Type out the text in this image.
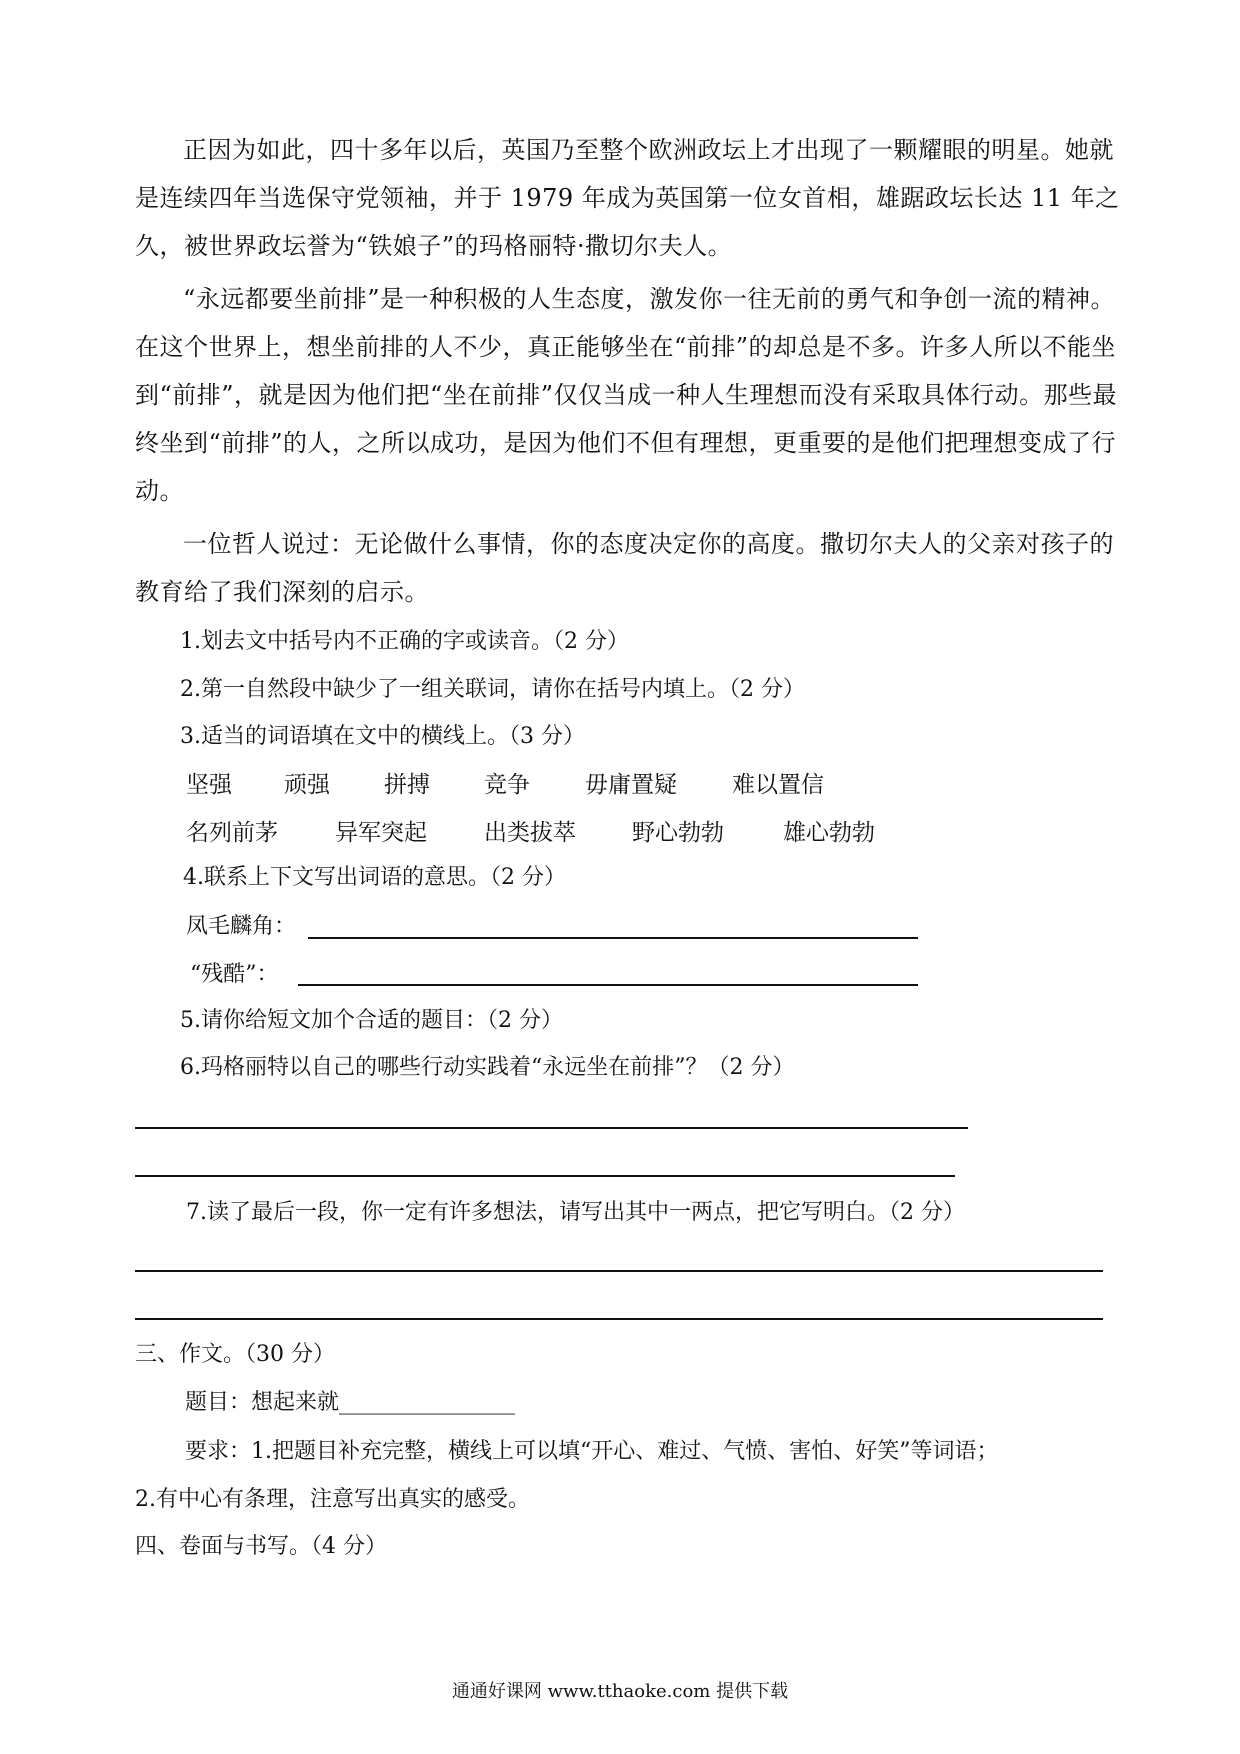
正因为如此，四十多年以后，英国乃至整个欧洲政坛上才出现了一颗耀眼的明星。她就是连续四年当选保守党领袖，并于 1979 年成为英国第一位女首相，雄踞政坛长达 11 年之久，被世界政坛誉为“铁娘子”的玛格丽特·撒切尔夫人。

“永远都要坐前排”是一种积极的人生态度，激发你一往无前的勇气和争创一流的精神。在这个世界上，想坐前排的人不少，真正能够坐在“前排”的却总是不多。许多人所以不能坐到“前排”，就是因为他们把“坐在前排”仅仅当成一种人生理想而没有采取具体行动。那些最终坐到“前排”的人，之所以成功，是因为他们不但有理想，更重要的是他们把理想变成了行动。

一位哲人说过：无论做什么事情，你的态度决定你的高度。撒切尔夫人的父亲对孩子的教育给了我们深刻的启示。

1.划去文中括号内不正确的字或读音。（2 分）
2.第一自然段中缺少了一组关联词，请你在括号内填上。（2 分）
3.适当的词语填在文中的横线上。（3 分）
坚强 顽强 拼搏 竞争 毋庸置疑 难以置信
名列前茅 异军突起 出类拔萃 野心勃勃	雄心勃勃
4.联系上下文写出词语的意思。（2 分）
凤毛麟角：
“残酷”：
5.请你给短文加个合适的题目：（2 分）
6.玛格丽特以自己的哪些行动实践着“永远坐在前排”？（2 分）
7.读了最后一段，你一定有许多想法，请写出其中一两点，把它写明白。（2 分）
三、作文。（30 分）
题目：想起来就________________
要求：1.把题目补充完整，横线上可以填“开心、难过、气愤、害怕、好笑”等词语；
2.有中心有条理，注意写出真实的感受。
四、卷面与书写。（4 分）
通通好课网 www.tthaoke.com 提供下载
